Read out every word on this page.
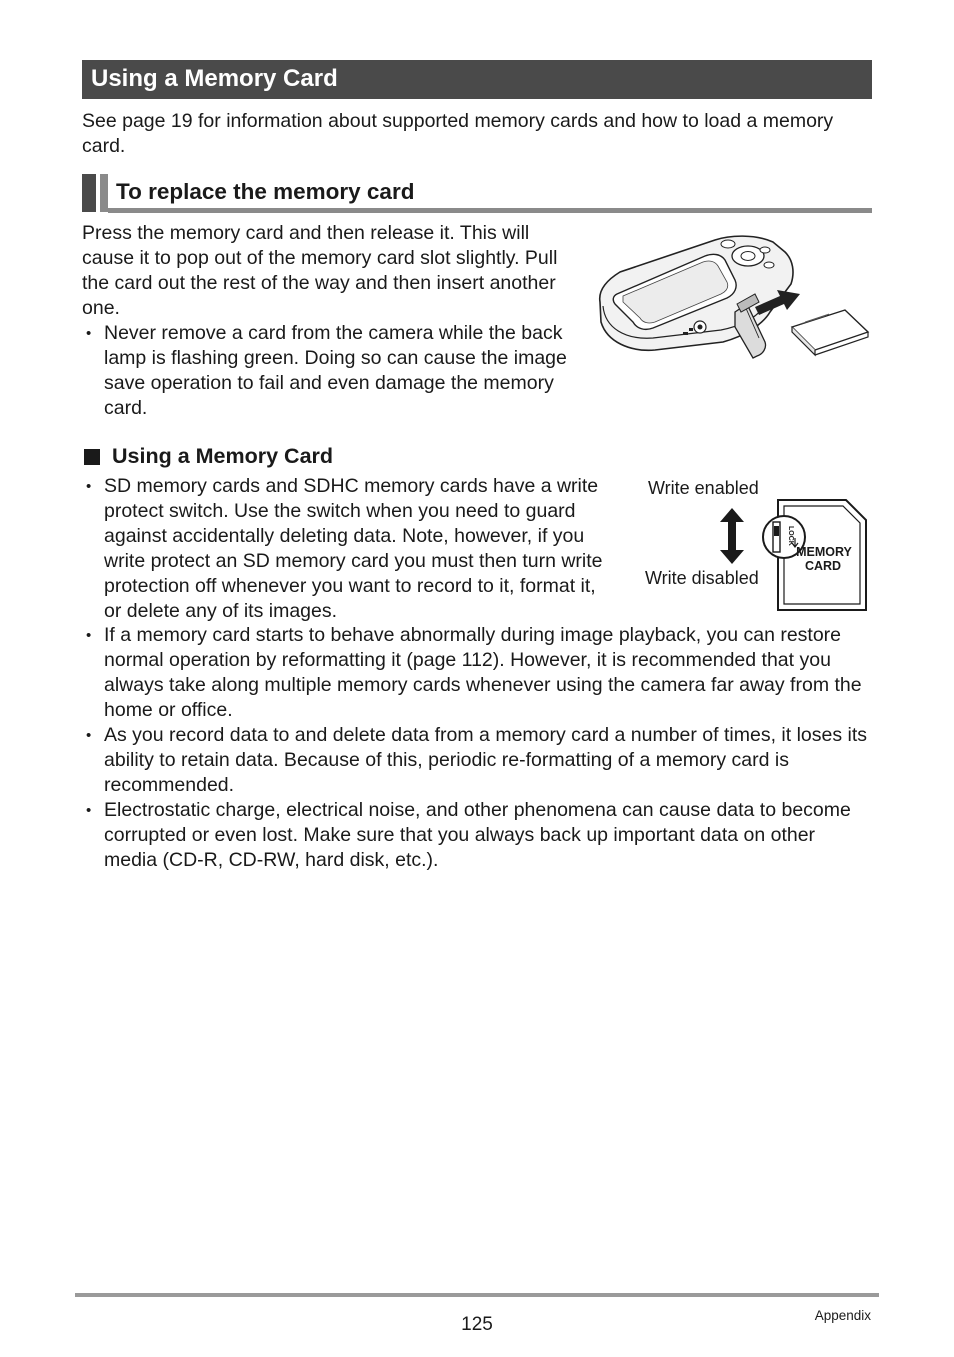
Using a Memory Card

See page 19 for information about supported memory cards and how to load a memory card.

To replace the memory card

Press the memory card and then release it. This will cause it to pop out of the memory card slot slightly. Pull the card out the rest of the way and then insert another one.

• Never remove a card from the camera while the back lamp is flashing green. Doing so can cause the image save operation to fail and even damage the memory card.
Using a Memory Card
• SD memory cards and SDHC memory cards have a write protect switch. Use the switch when you need to guard against accidentally deleting data. Note, however, if you write protect an SD memory card you must then turn write protection off whenever you want to record to it, format it, or delete any of its images.
• If a memory card starts to behave abnormally during image playback, you can restore normal operation by reformatting it (page 112). However, it is recommended that you always take along multiple memory cards whenever using the camera far away from the home or office.
• As you record data to and delete data from a memory card a number of times, it loses its ability to retain data. Because of this, periodic re-formatting of a memory card is recommended.
• Electrostatic charge, electrical noise, and other phenomena can cause data to become corrupted or even lost. Make sure that you always back up important data on other media (CD-R, CD-RW, hard disk, etc.).
Write enabled
Write disabled
LOCK
MEMORY
CARD
125	Appendix
